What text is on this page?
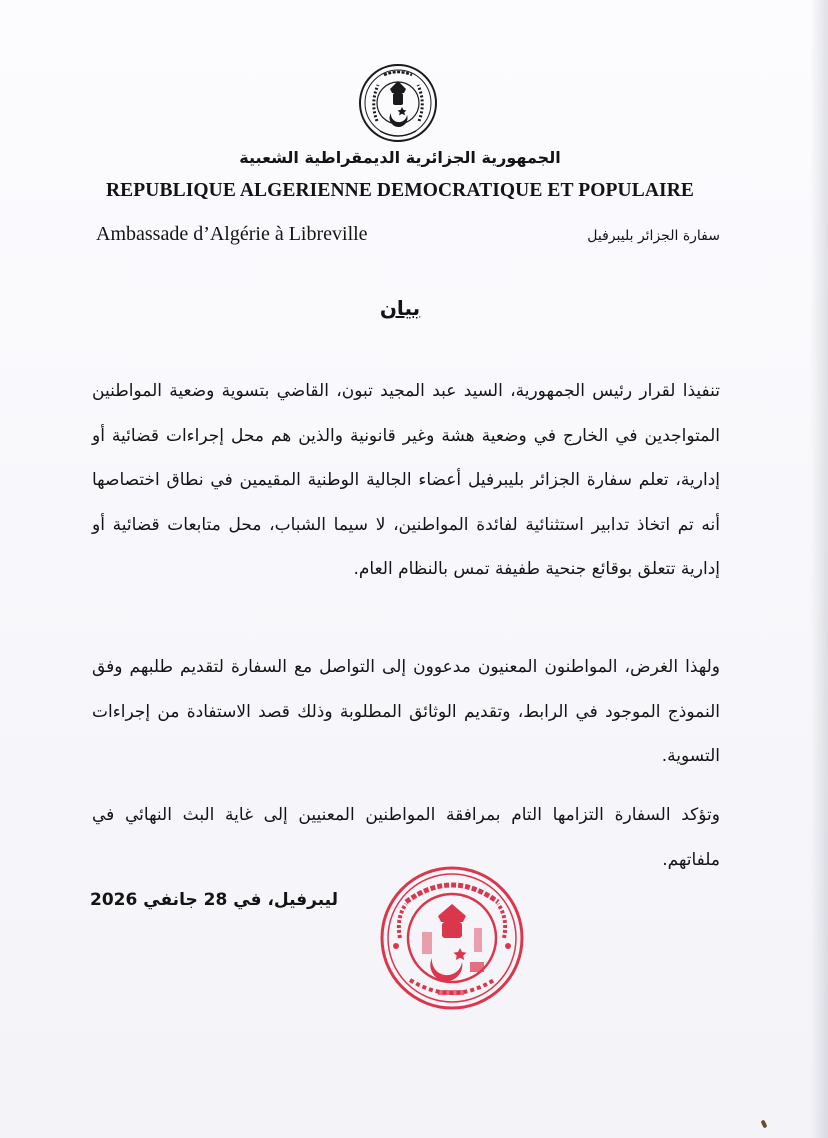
الجمهورية الجزائرية الديمقراطية الشعبية
REPUBLIQUE ALGERIENNE DEMOCRATIQUE ET POPULAIRE
Ambassade d’Algérie à Libreville	سفارة الجزائر بليبرفيل
بيان

تنفيذا لقرار رئيس الجمهورية، السيد عبد المجيد تبون، القاضي بتسوية وضعية المواطنين المتواجدين في الخارج في وضعية هشة وغير قانونية والذين هم محل إجراءات قضائية أو إدارية، تعلم سفارة الجزائر بليبرفيل أعضاء الجالية الوطنية المقيمين في نطاق اختصاصها أنه تم اتخاذ تدابير استثنائية لفائدة المواطنين، لا سيما الشباب، محل متابعات قضائية أو إدارية تتعلق بوقائع جنحية طفيفة تمس بالنظام العام.

ولهذا الغرض، المواطنون المعنيون مدعوون إلى التواصل مع السفارة لتقديم طلبهم وفق النموذج الموجود في الرابط، وتقديم الوثائق المطلوبة وذلك قصد الاستفادة من إجراءات التسوية.

وتؤكد السفارة التزامها التام بمرافقة المواطنين المعنيين إلى غاية البث النهائي في ملفاتهم.

ليبرفيل، في 28 جانفي 2026
